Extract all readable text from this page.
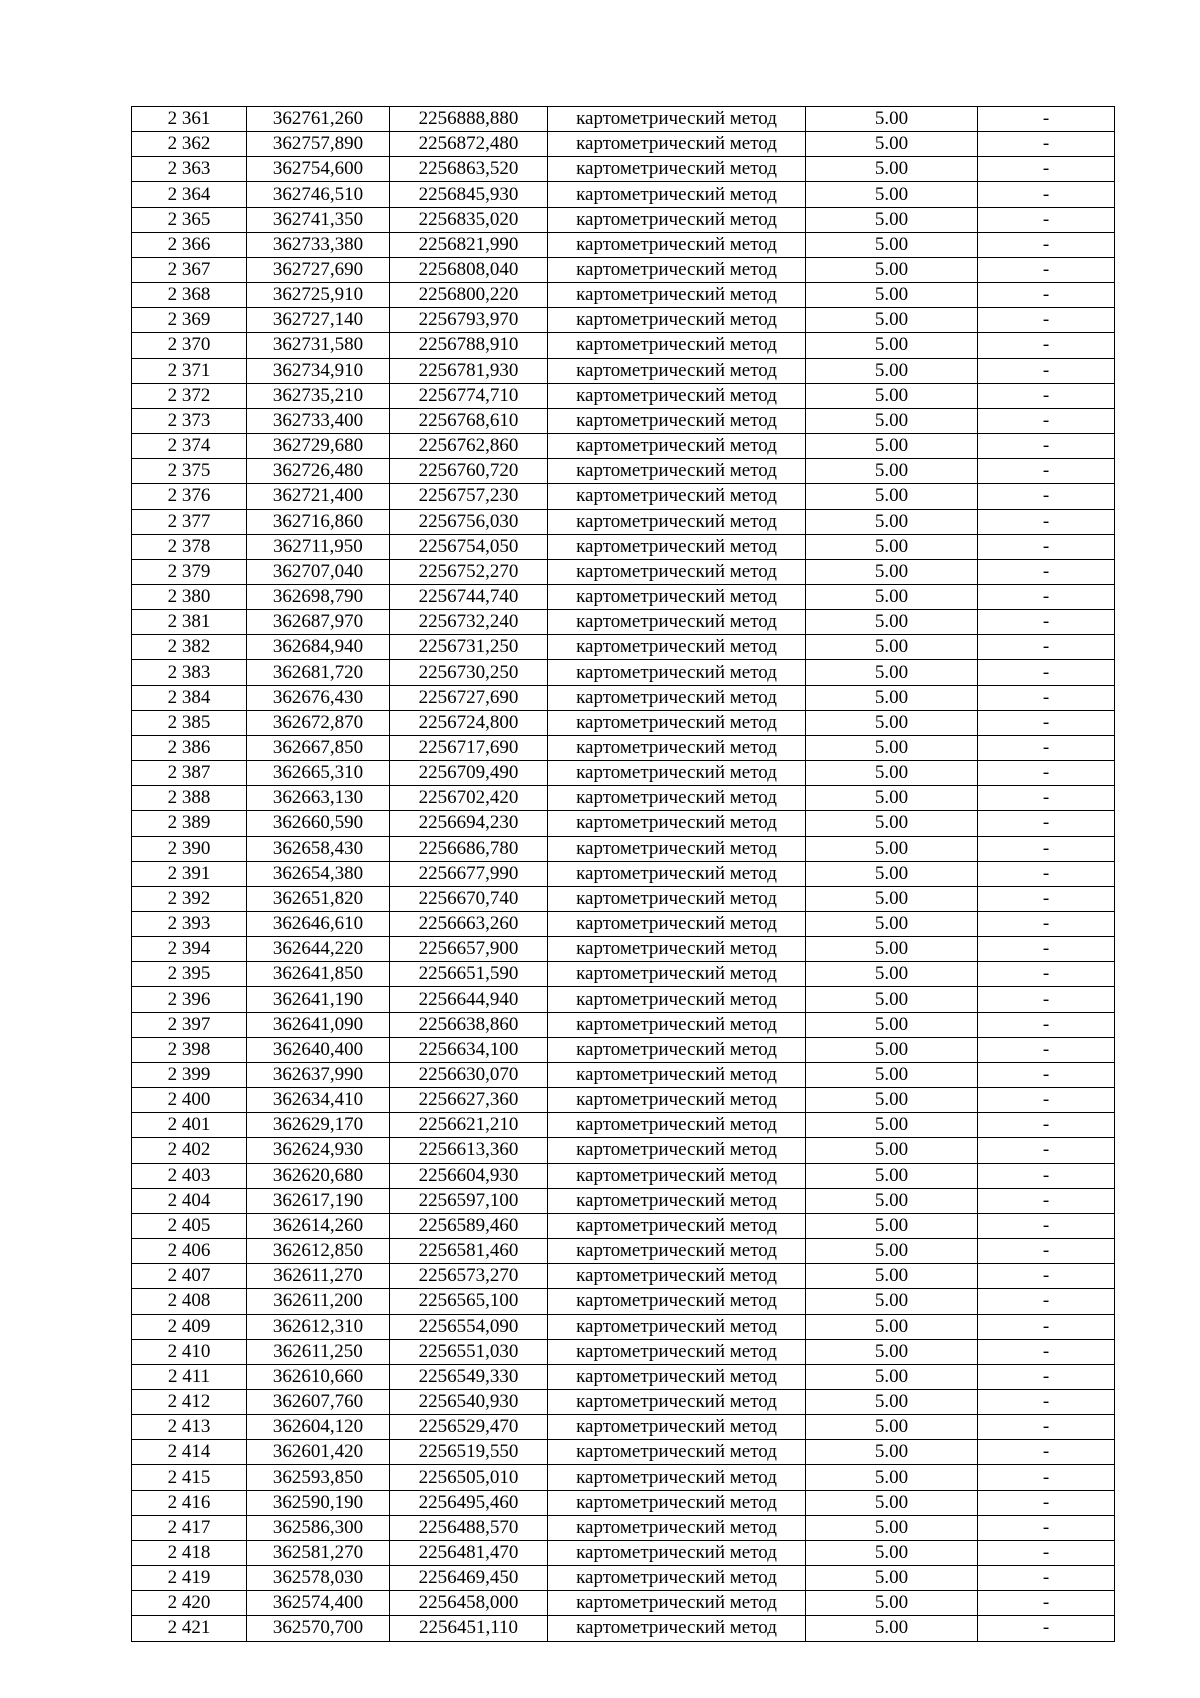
2 361	362761,260	2256888,880	картометрический метод	5.00	-
2 362	362757,890	2256872,480	картометрический метод	5.00	-
2 363	362754,600	2256863,520	картометрический метод	5.00	-
2 364	362746,510	2256845,930	картометрический метод	5.00	-
2 365	362741,350	2256835,020	картометрический метод	5.00	-
2 366	362733,380	2256821,990	картометрический метод	5.00	-
2 367	362727,690	2256808,040	картометрический метод	5.00	-
2 368	362725,910	2256800,220	картометрический метод	5.00	-
2 369	362727,140	2256793,970	картометрический метод	5.00	-
2 370	362731,580	2256788,910	картометрический метод	5.00	-
2 371	362734,910	2256781,930	картометрический метод	5.00	-
2 372	362735,210	2256774,710	картометрический метод	5.00	-
2 373	362733,400	2256768,610	картометрический метод	5.00	-
2 374	362729,680	2256762,860	картометрический метод	5.00	-
2 375	362726,480	2256760,720	картометрический метод	5.00	-
2 376	362721,400	2256757,230	картометрический метод	5.00	-
2 377	362716,860	2256756,030	картометрический метод	5.00	-
2 378	362711,950	2256754,050	картометрический метод	5.00	-
2 379	362707,040	2256752,270	картометрический метод	5.00	-
2 380	362698,790	2256744,740	картометрический метод	5.00	-
2 381	362687,970	2256732,240	картометрический метод	5.00	-
2 382	362684,940	2256731,250	картометрический метод	5.00	-
2 383	362681,720	2256730,250	картометрический метод	5.00	-
2 384	362676,430	2256727,690	картометрический метод	5.00	-
2 385	362672,870	2256724,800	картометрический метод	5.00	-
2 386	362667,850	2256717,690	картометрический метод	5.00	-
2 387	362665,310	2256709,490	картометрический метод	5.00	-
2 388	362663,130	2256702,420	картометрический метод	5.00	-
2 389	362660,590	2256694,230	картометрический метод	5.00	-
2 390	362658,430	2256686,780	картометрический метод	5.00	-
2 391	362654,380	2256677,990	картометрический метод	5.00	-
2 392	362651,820	2256670,740	картометрический метод	5.00	-
2 393	362646,610	2256663,260	картометрический метод	5.00	-
2 394	362644,220	2256657,900	картометрический метод	5.00	-
2 395	362641,850	2256651,590	картометрический метод	5.00	-
2 396	362641,190	2256644,940	картометрический метод	5.00	-
2 397	362641,090	2256638,860	картометрический метод	5.00	-
2 398	362640,400	2256634,100	картометрический метод	5.00	-
2 399	362637,990	2256630,070	картометрический метод	5.00	-
2 400	362634,410	2256627,360	картометрический метод	5.00	-
2 401	362629,170	2256621,210	картометрический метод	5.00	-
2 402	362624,930	2256613,360	картометрический метод	5.00	-
2 403	362620,680	2256604,930	картометрический метод	5.00	-
2 404	362617,190	2256597,100	картометрический метод	5.00	-
2 405	362614,260	2256589,460	картометрический метод	5.00	-
2 406	362612,850	2256581,460	картометрический метод	5.00	-
2 407	362611,270	2256573,270	картометрический метод	5.00	-
2 408	362611,200	2256565,100	картометрический метод	5.00	-
2 409	362612,310	2256554,090	картометрический метод	5.00	-
2 410	362611,250	2256551,030	картометрический метод	5.00	-
2 411	362610,660	2256549,330	картометрический метод	5.00	-
2 412	362607,760	2256540,930	картометрический метод	5.00	-
2 413	362604,120	2256529,470	картометрический метод	5.00	-
2 414	362601,420	2256519,550	картометрический метод	5.00	-
2 415	362593,850	2256505,010	картометрический метод	5.00	-
2 416	362590,190	2256495,460	картометрический метод	5.00	-
2 417	362586,300	2256488,570	картометрический метод	5.00	-
2 418	362581,270	2256481,470	картометрический метод	5.00	-
2 419	362578,030	2256469,450	картометрический метод	5.00	-
2 420	362574,400	2256458,000	картометрический метод	5.00	-
2 421	362570,700	2256451,110	картометрический метод	5.00	-
